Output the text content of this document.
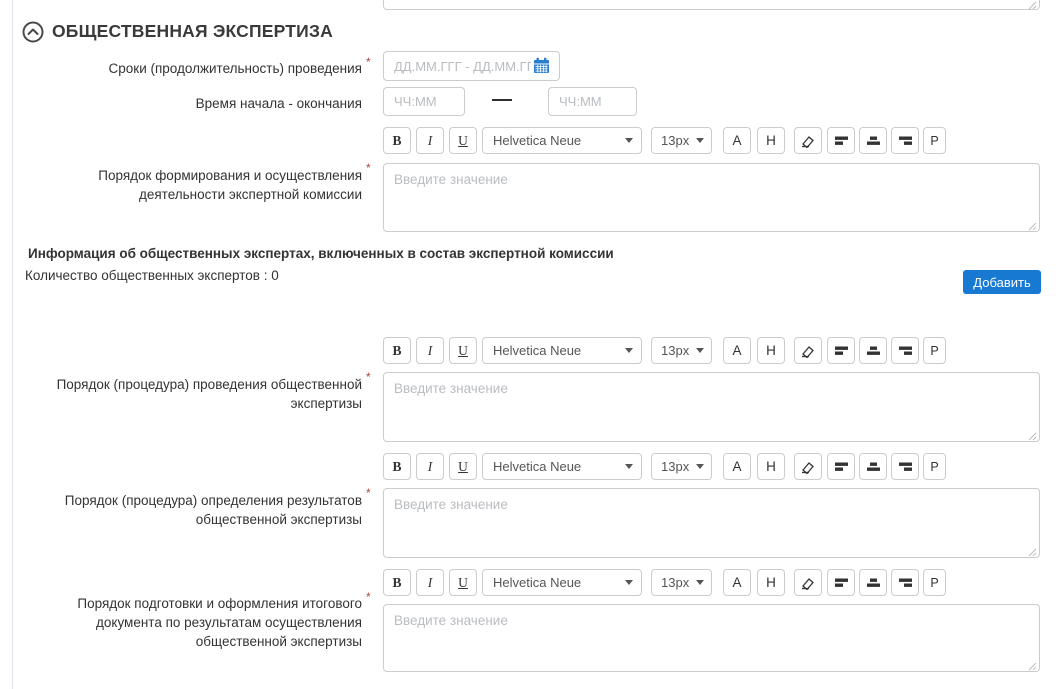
ОБЩЕСТВЕННАЯ ЭКСПЕРТИЗА
Сроки (продолжительность) проведения *
ДД.ММ.ГГГ - ДД.ММ.ГГГ
Время начала - окончания
ЧЧ:ММ
ЧЧ:ММ
B	I	U	Helvetica Neue	13px	A	H	P
Порядок формирования и осуществления деятельности экспертной комиссии
*
Введите значение
Информация об общественных экспертах, включенных в состав экспертной комиссии
Количество общественных экспертов : 0	Добавить
B	I	U	Helvetica Neue	13px	A	H	P
Порядок (процедура) проведения общественной экспертизы
*
Введите значение
B	I	U	Helvetica Neue	13px	A	H	P
Порядок (процедура) определения результатов общественной экспертизы
*
Введите значение
B	I	U	Helvetica Neue	13px	A	H	P
Порядок подготовки и оформления итогового документа по результатам осуществления общественной экспертизы
*
Введите значение
